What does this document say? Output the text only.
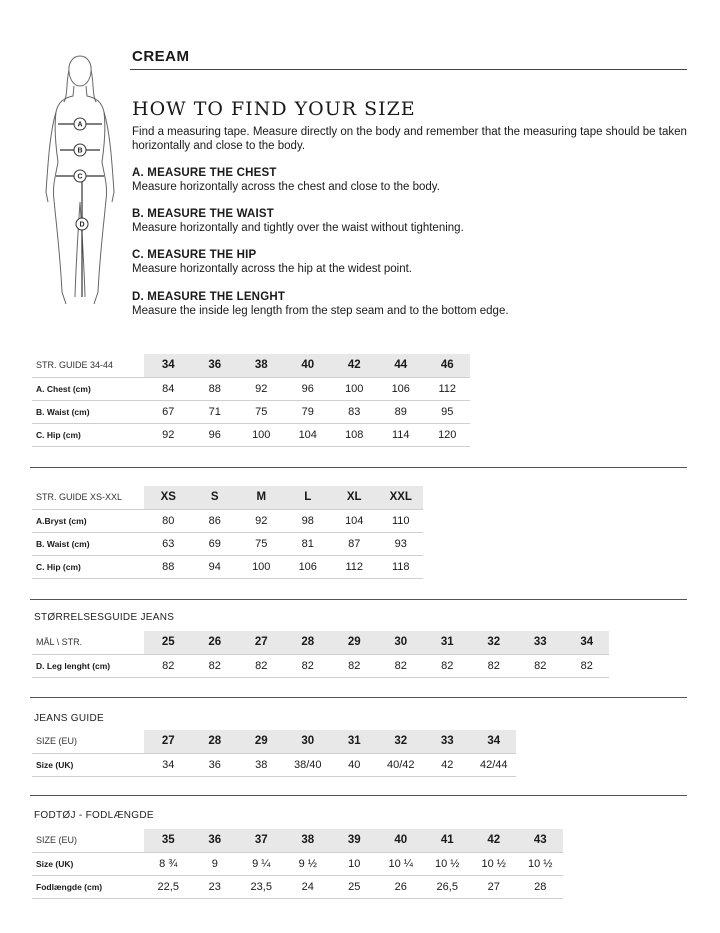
CREAM
A
B
C
D
HOW TO FIND YOUR SIZE

Find a measuring tape. Measure directly on the body and remember that the measuring tape should be taken horizontally and close to the body.

A. MEASURE THE CHEST
Measure horizontally across the chest and close to the body.
B. MEASURE THE WAIST
Measure horizontally and tightly over the waist without tightening.
C. MEASURE THE HIP
Measure horizontally across the hip at the widest point.
D. MEASURE THE LENGHT
Measure the inside leg length from the step seam and to the bottom edge.
STR. GUIDE 34-44		34		36		38		40		42		44		46
A. Chest (cm)		84		88		92		96		100		106		112
B. Waist (cm)		67		71		75		79		83		89		95
C. Hip (cm)		92		96		100		104		108		114		120
STR. GUIDE XS-XXL		XS		S		M		L		XL		XXL
A.Bryst (cm)		80		86		92		98		104		110
B. Waist (cm)		63		69		75		81		87		93
C. Hip (cm)		88		94		100		106		112		118
STØRRELSESGUIDE JEANS
MÅL \ STR.		25		26		27		28		29		30		31		32		33		34
D. Leg lenght (cm)		82		82		82		82		82		82		82		82		82		82
JEANS GUIDE
SIZE (EU)		27		28		29		30		31		32		33		34
Size (UK)		34		36		38		38/40		40		40/42		42		42/44
FODTØJ - FODLÆNGDE
SIZE (EU)		35		36		37		38		39		40		41		42		43
Size (UK)		8 ¾		9		9 ¼		9 ½		10		10 ¼		10 ½		10 ½		10 ½
Fodlængde (cm)		22,5		23		23,5		24		25		26		26,5		27		28
